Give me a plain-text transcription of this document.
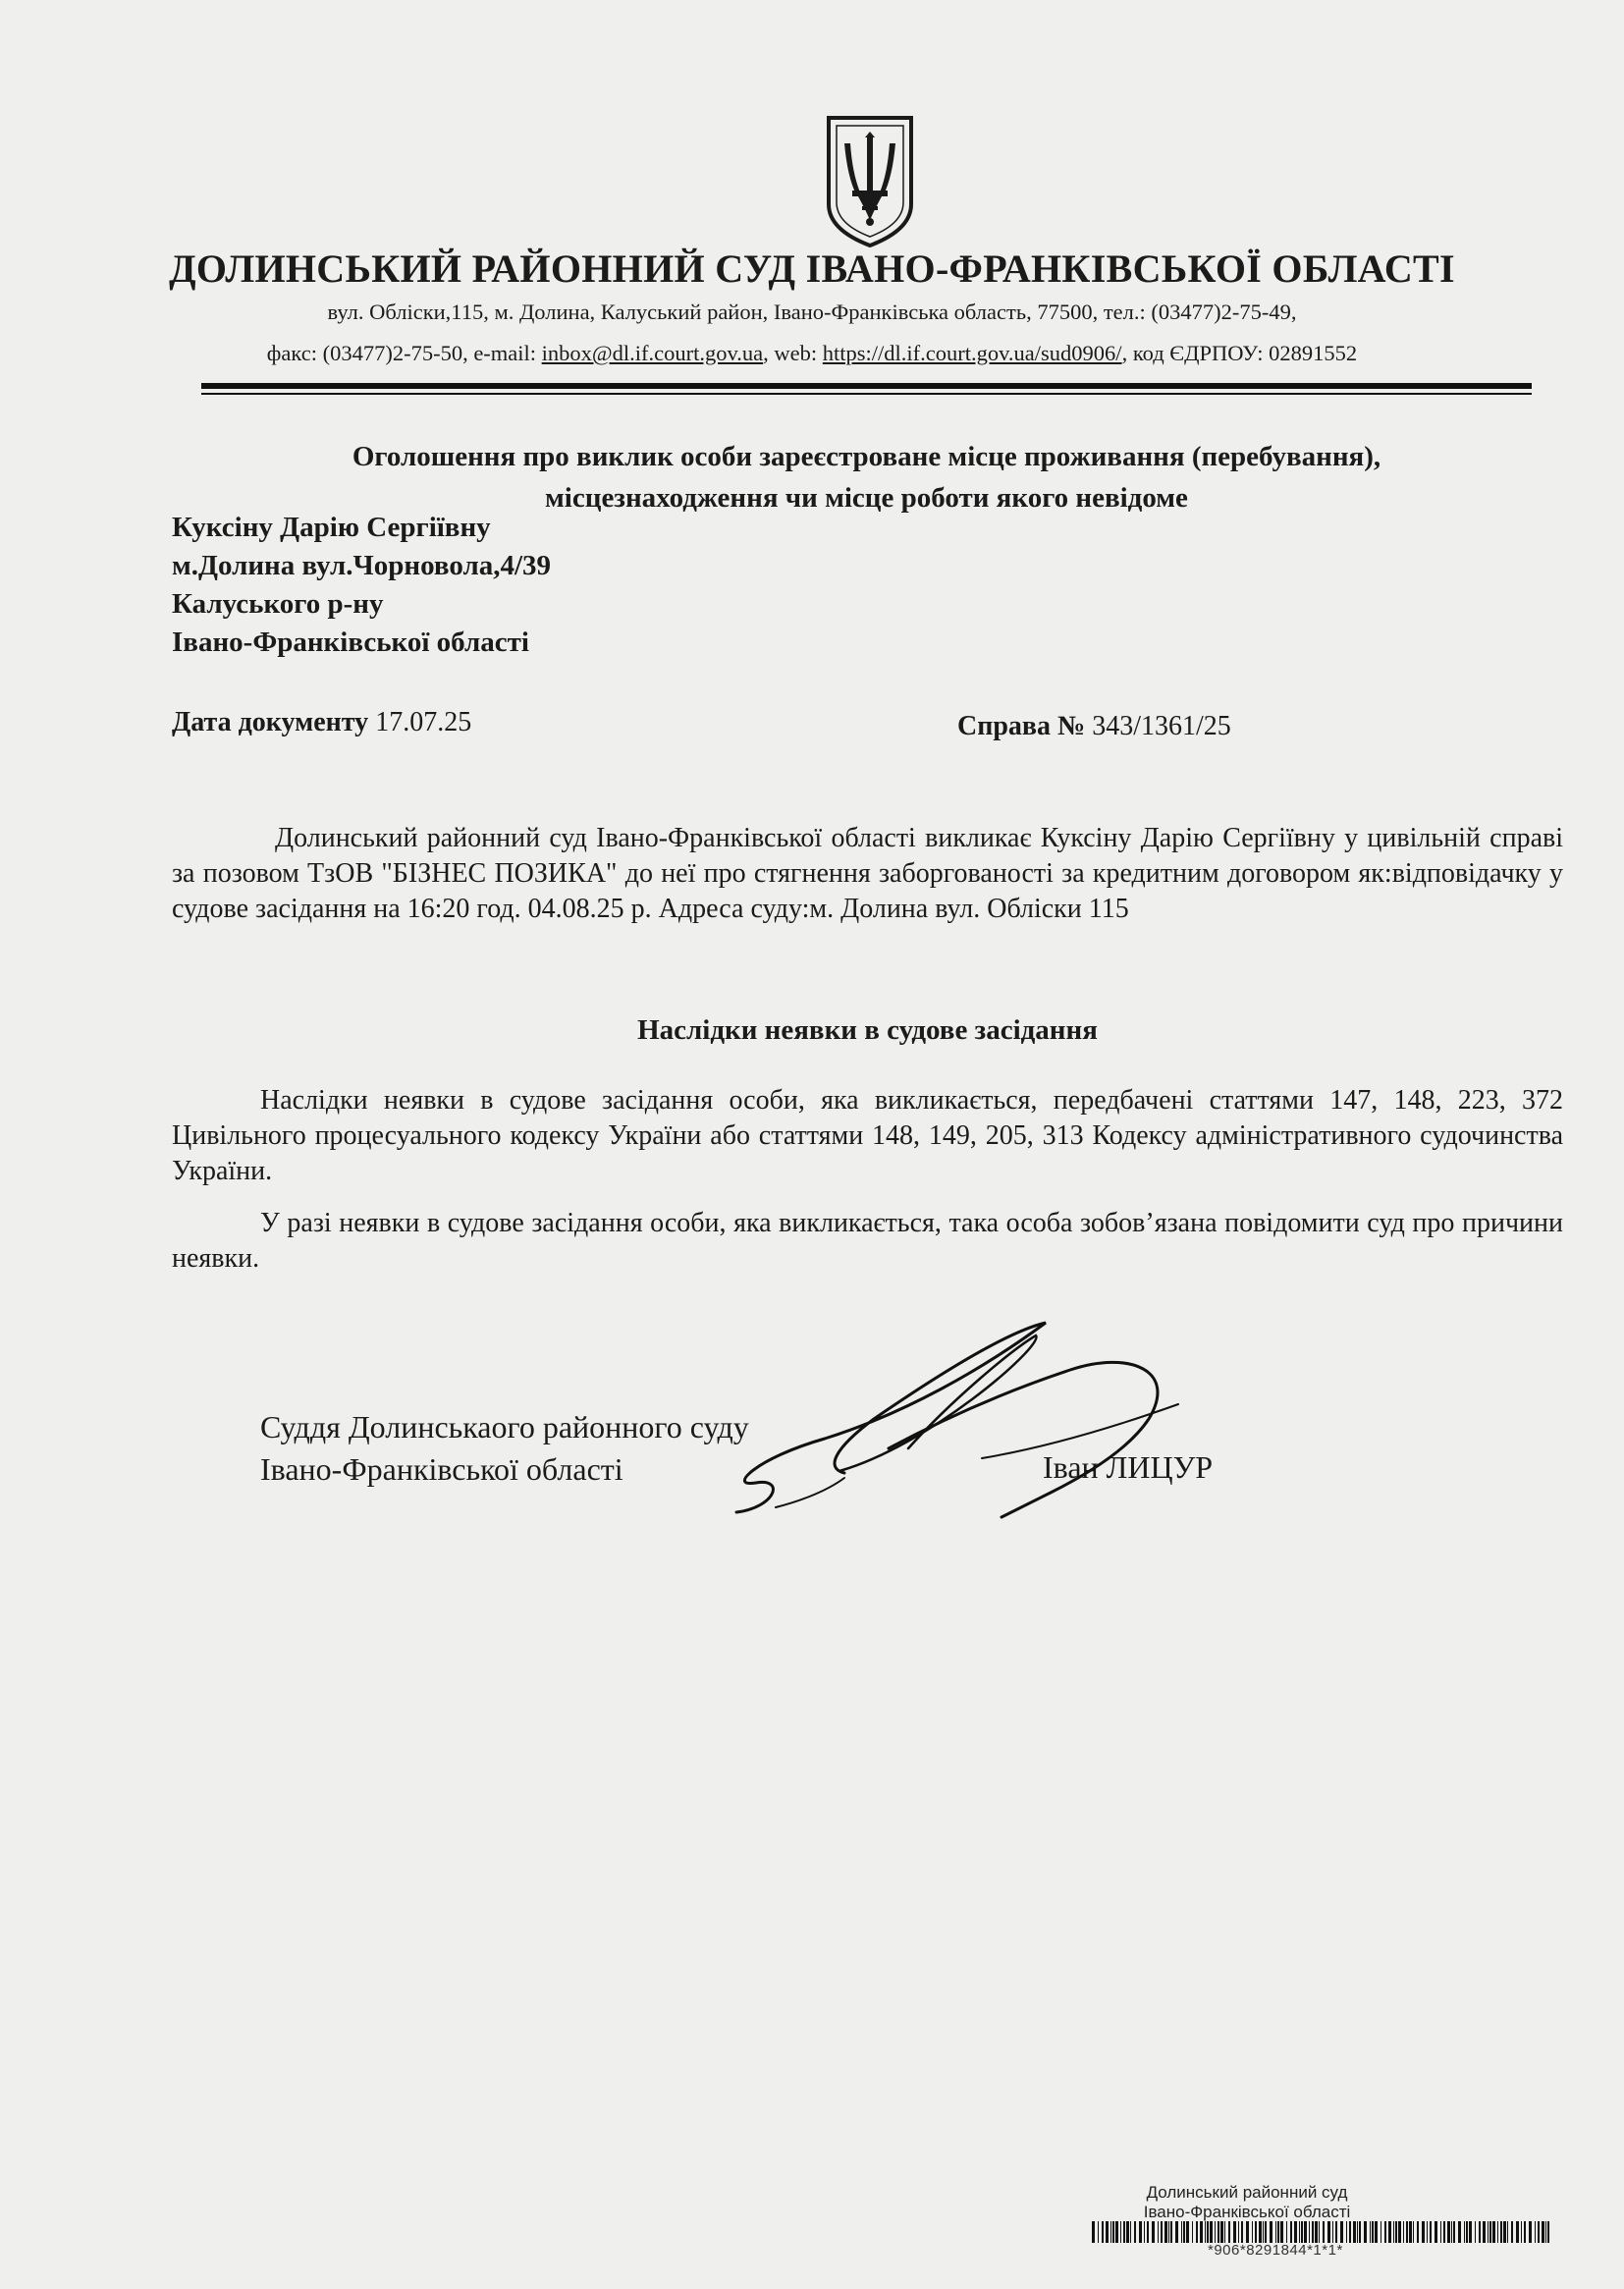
ДОЛИНСЬКИЙ РАЙОННИЙ СУД ІВАНО-ФРАНКІВСЬКОЇ ОБЛАСТІ
вул. Обліски,115, м. Долина, Калуський район, Івано-Франківська область, 77500, тел.: (03477)2-75-49,
факс: (03477)2-75-50, e-mail: inbox@dl.if.court.gov.ua, web: https://dl.if.court.gov.ua/sud0906/, код ЄДРПОУ: 02891552
Оголошення про виклик особи зареєстроване місце проживання (перебування),
місцезнаходження чи місце роботи якого невідоме
Куксіну Дарію Сергіївну
м.Долина вул.Чорновола,4/39
Калуського р-ну
Івано-Франківської області
Дата документу 17.07.25	Справа № 343/1361/25
Долинський районний суд Івано-Франківської області викликає Куксіну Дарію Сергіївну у цивільній справі за позовом ТзОВ "БІЗНЕС ПОЗИКА" до неї про стягнення заборгованості за кредитним договором як:відповідачку у судове засідання на 16:20 год. 04.08.25 р. Адреса суду:м. Долина вул. Обліски 115
Наслідки неявки в судове засідання
Наслідки неявки в судове засідання особи, яка викликається, передбачені статтями 147, 148, 223, 372 Цивільного процесуального кодексу України або статтями 148, 149, 205, 313 Кодексу адміністративного судочинства України.
У разі неявки в судове засідання особи, яка викликається, така особа зобов’язана повідомити суд про причини неявки.
Суддя Долинськаого районного суду
Івано-Франківської області	Іван ЛИЦУР
Долинський районний суд
Івано-Франківської області
*906*8291844*1*1*
